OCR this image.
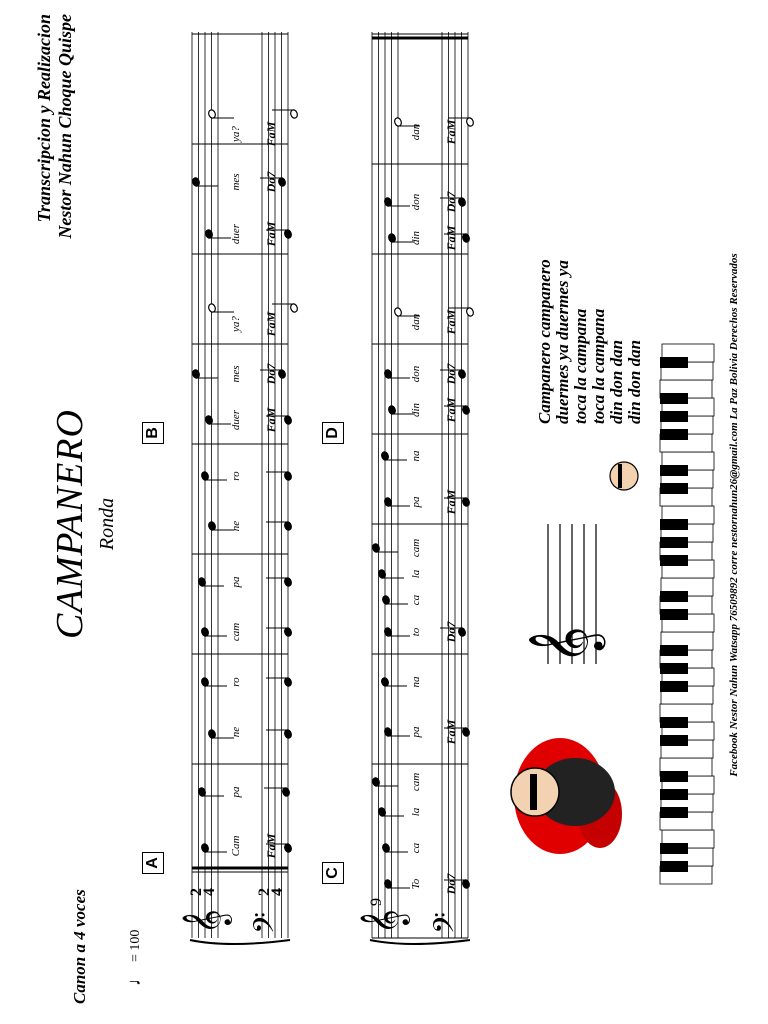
Canon a 4 voces ♩
= 100
CAMPANERO Ronda
Transcripcion y Realizacion Nestor Nahun Choque Quispe
A
B
C
D
𝄞 𝄢
2
4 2
4
9
𝄞 𝄢
Cam
pa
ne
ro
cam
pa
ne
ro
duer
mes
ya?
duer
mes
ya?
FaM
FaM
Do7
FaM
FaM
Do7
FaM
To
ca
la
cam
pa
na
to
ca
la
cam
pa
na
din
don
dan
din
don
dan
Do7
FaM
Do7
FaM
FaM
Do7
FaM
FaM
Do7
FaM
Campanero campanero duermes ya duermes ya toca la campana toca la campana din don dan din don dan
𝄞	Facebook Nestor Nahun Watsapp 76509892 corre nestornahun26@gmail.com La Paz Bolivia Derechos Reservados
